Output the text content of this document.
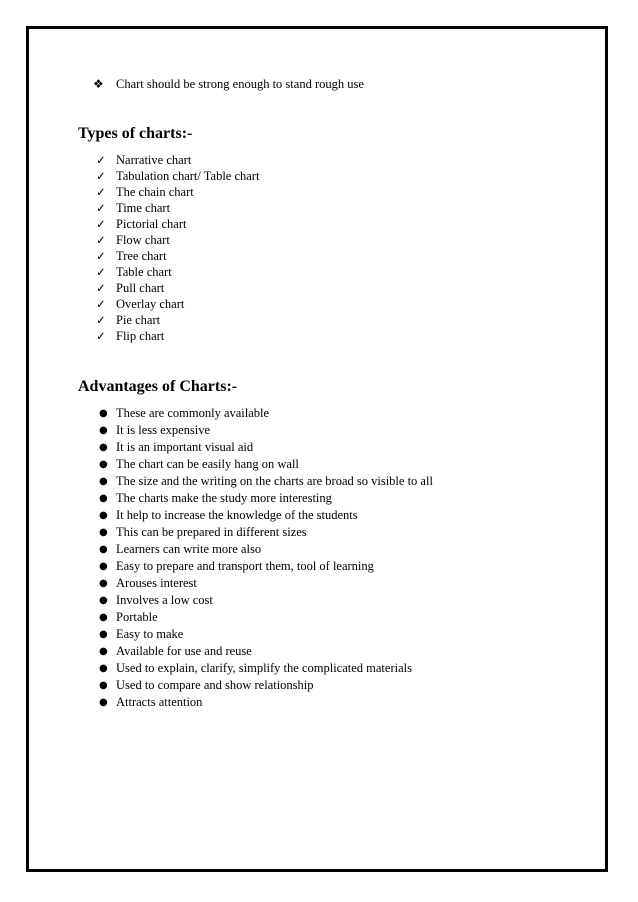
❖ Chart should be strong enough to stand rough use
Types of charts:-
✓ Narrative chart
✓ Tabulation chart/ Table chart
✓ The chain chart
✓ Time chart
✓ Pictorial chart
✓ Flow chart
✓ Tree chart
✓ Table chart
✓ Pull chart
✓ Overlay chart
✓ Pie chart
✓ Flip chart
Advantages of Charts:-
● These are commonly available
● It is less expensive
● It is an important visual aid
● The chart can be easily hang on wall
● The size and the writing on the charts are broad so visible to all
● The charts make the study more interesting
● It help to increase the knowledge of the students
● This can be prepared in different sizes
● Learners can write more also
● Easy to prepare and transport them, tool of learning
● Arouses interest
● Involves a low cost
● Portable
● Easy to make
● Available for use and reuse
● Used to explain, clarify, simplify the complicated materials
● Used to compare and show relationship
● Attracts attention
